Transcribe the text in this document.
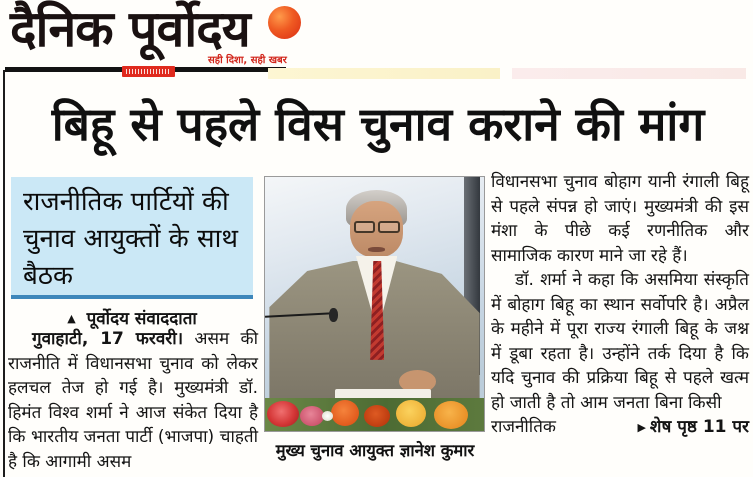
दैनिक पूर्वोदय
सही दिशा, सही खबर
बिहू से पहले विस चुनाव कराने की मांग
राजनीतिक पार्टियों की चुनाव आयुक्तों के साथ बैठक
▲ पूर्वोदय संवाददाता

गुवाहाटी, 17 फरवरी। असम की राजनीति में विधानसभा चुनाव को लेकर हलचल तेज हो गई है। मुख्यमंत्री डॉ. हिमंत विश्व शर्मा ने आज संकेत दिया है कि भारतीय जनता पार्टी (भाजपा) चाहती है कि आगामी असम

मुख्य चुनाव आयुक्त ज्ञानेश कुमार

विधानसभा चुनाव बोहाग यानी रंगाली बिहू से पहले संपन्न हो जाएं। मुख्यमंत्री की इस मंशा के पीछे कई रणनीतिक और सामाजिक कारण माने जा रहे हैं।

डॉ. शर्मा ने कहा कि असमिया संस्कृति में बोहाग बिहू का स्थान सर्वोपरि है। अप्रैल के महीने में पूरा राज्य रंगाली बिहू के जश्न में डूबा रहता है। उन्होंने तर्क दिया है कि यदि चुनाव की प्रक्रिया बिहू से पहले खत्म हो जाती है तो आम जनता बिना किसी

राजनीतिक	▶ शेष पृष्ठ 11 पर
